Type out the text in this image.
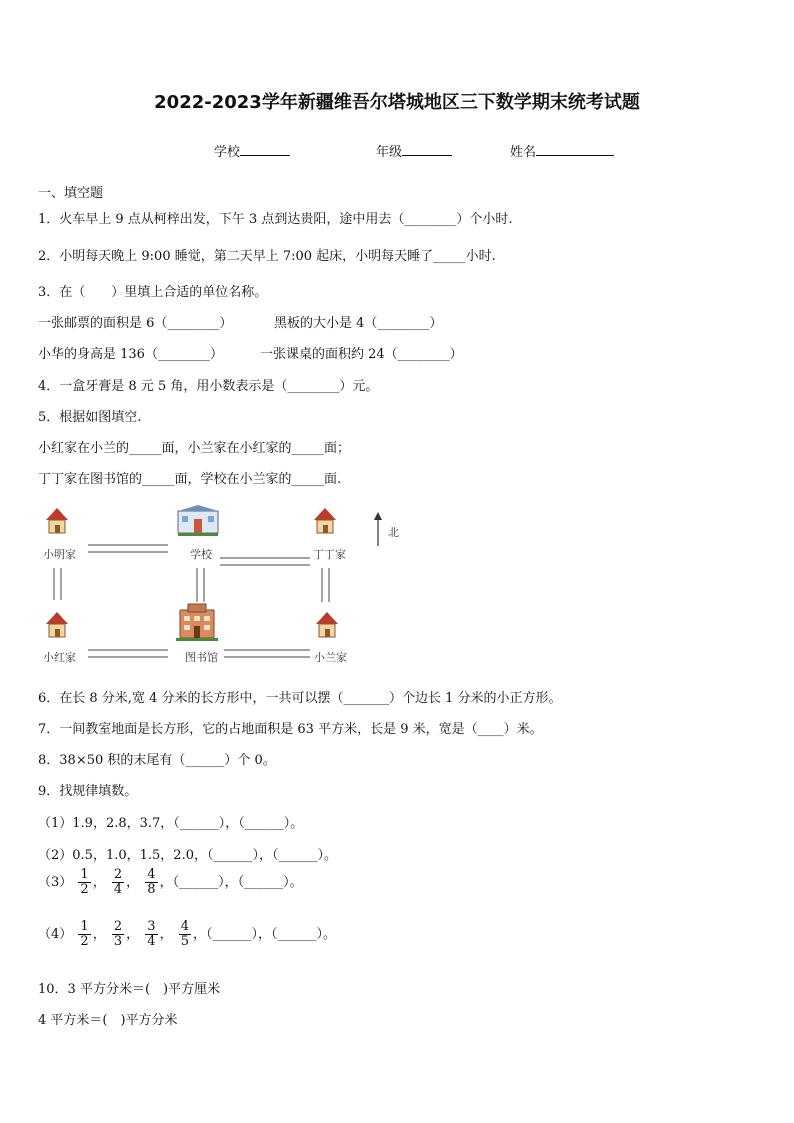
2022-2023学年新疆维吾尔塔城地区三下数学期末统考试题
学校	年级	姓名
一、填空题
1．火车早上 9 点从柯梓出发，下午 3 点到达贵阳，途中用去（________）个小时.
2．小明每天晚上 9:00 睡觉，第二天早上 7:00 起床，小明每天睡了_____小时.
3．在（　　）里填上合适的单位名称。
一张邮票的面积是 6（________）	黑板的大小是 4（________）
小华的身高是 136（________）	一张课桌的面积约 24（________）
4．一盒牙膏是 8 元 5 角，用小数表示是（________）元。
5．根据如图填空.
小红家在小兰的_____面，小兰家在小红家的_____面；
丁丁家在图书馆的_____面，学校在小兰家的_____面.
小明家	学校	丁丁家
小红家	图书馆	小兰家
北
6．在长 8 分米,宽 4 分米的长方形中，一共可以摆（_______）个边长 1 分米的小正方形。
7．一间教室地面是长方形，它的占地面积是 63 平方米，长是 9 米，宽是（____）米。
8．38×50 积的末尾有（______）个 0。
9．找规律填数。
（1）1.9，2.8，3.7，（______），（______）。
（2）0.5，1.0，1.5，2.0，（______），（______）。
$(3) \frac{1}{2}$ ， $\frac{2}{4}$ ， $\frac{4}{8}$ ，（______），（______）。
$(4) \frac{1}{2}$ ， $\frac{2}{3}$ ， $\frac{3}{4}$ ， $\frac{4}{5}$ ，（______），（______）。
10．3 平方分米＝(　)平方厘米
4 平方米＝(　)平方分米
